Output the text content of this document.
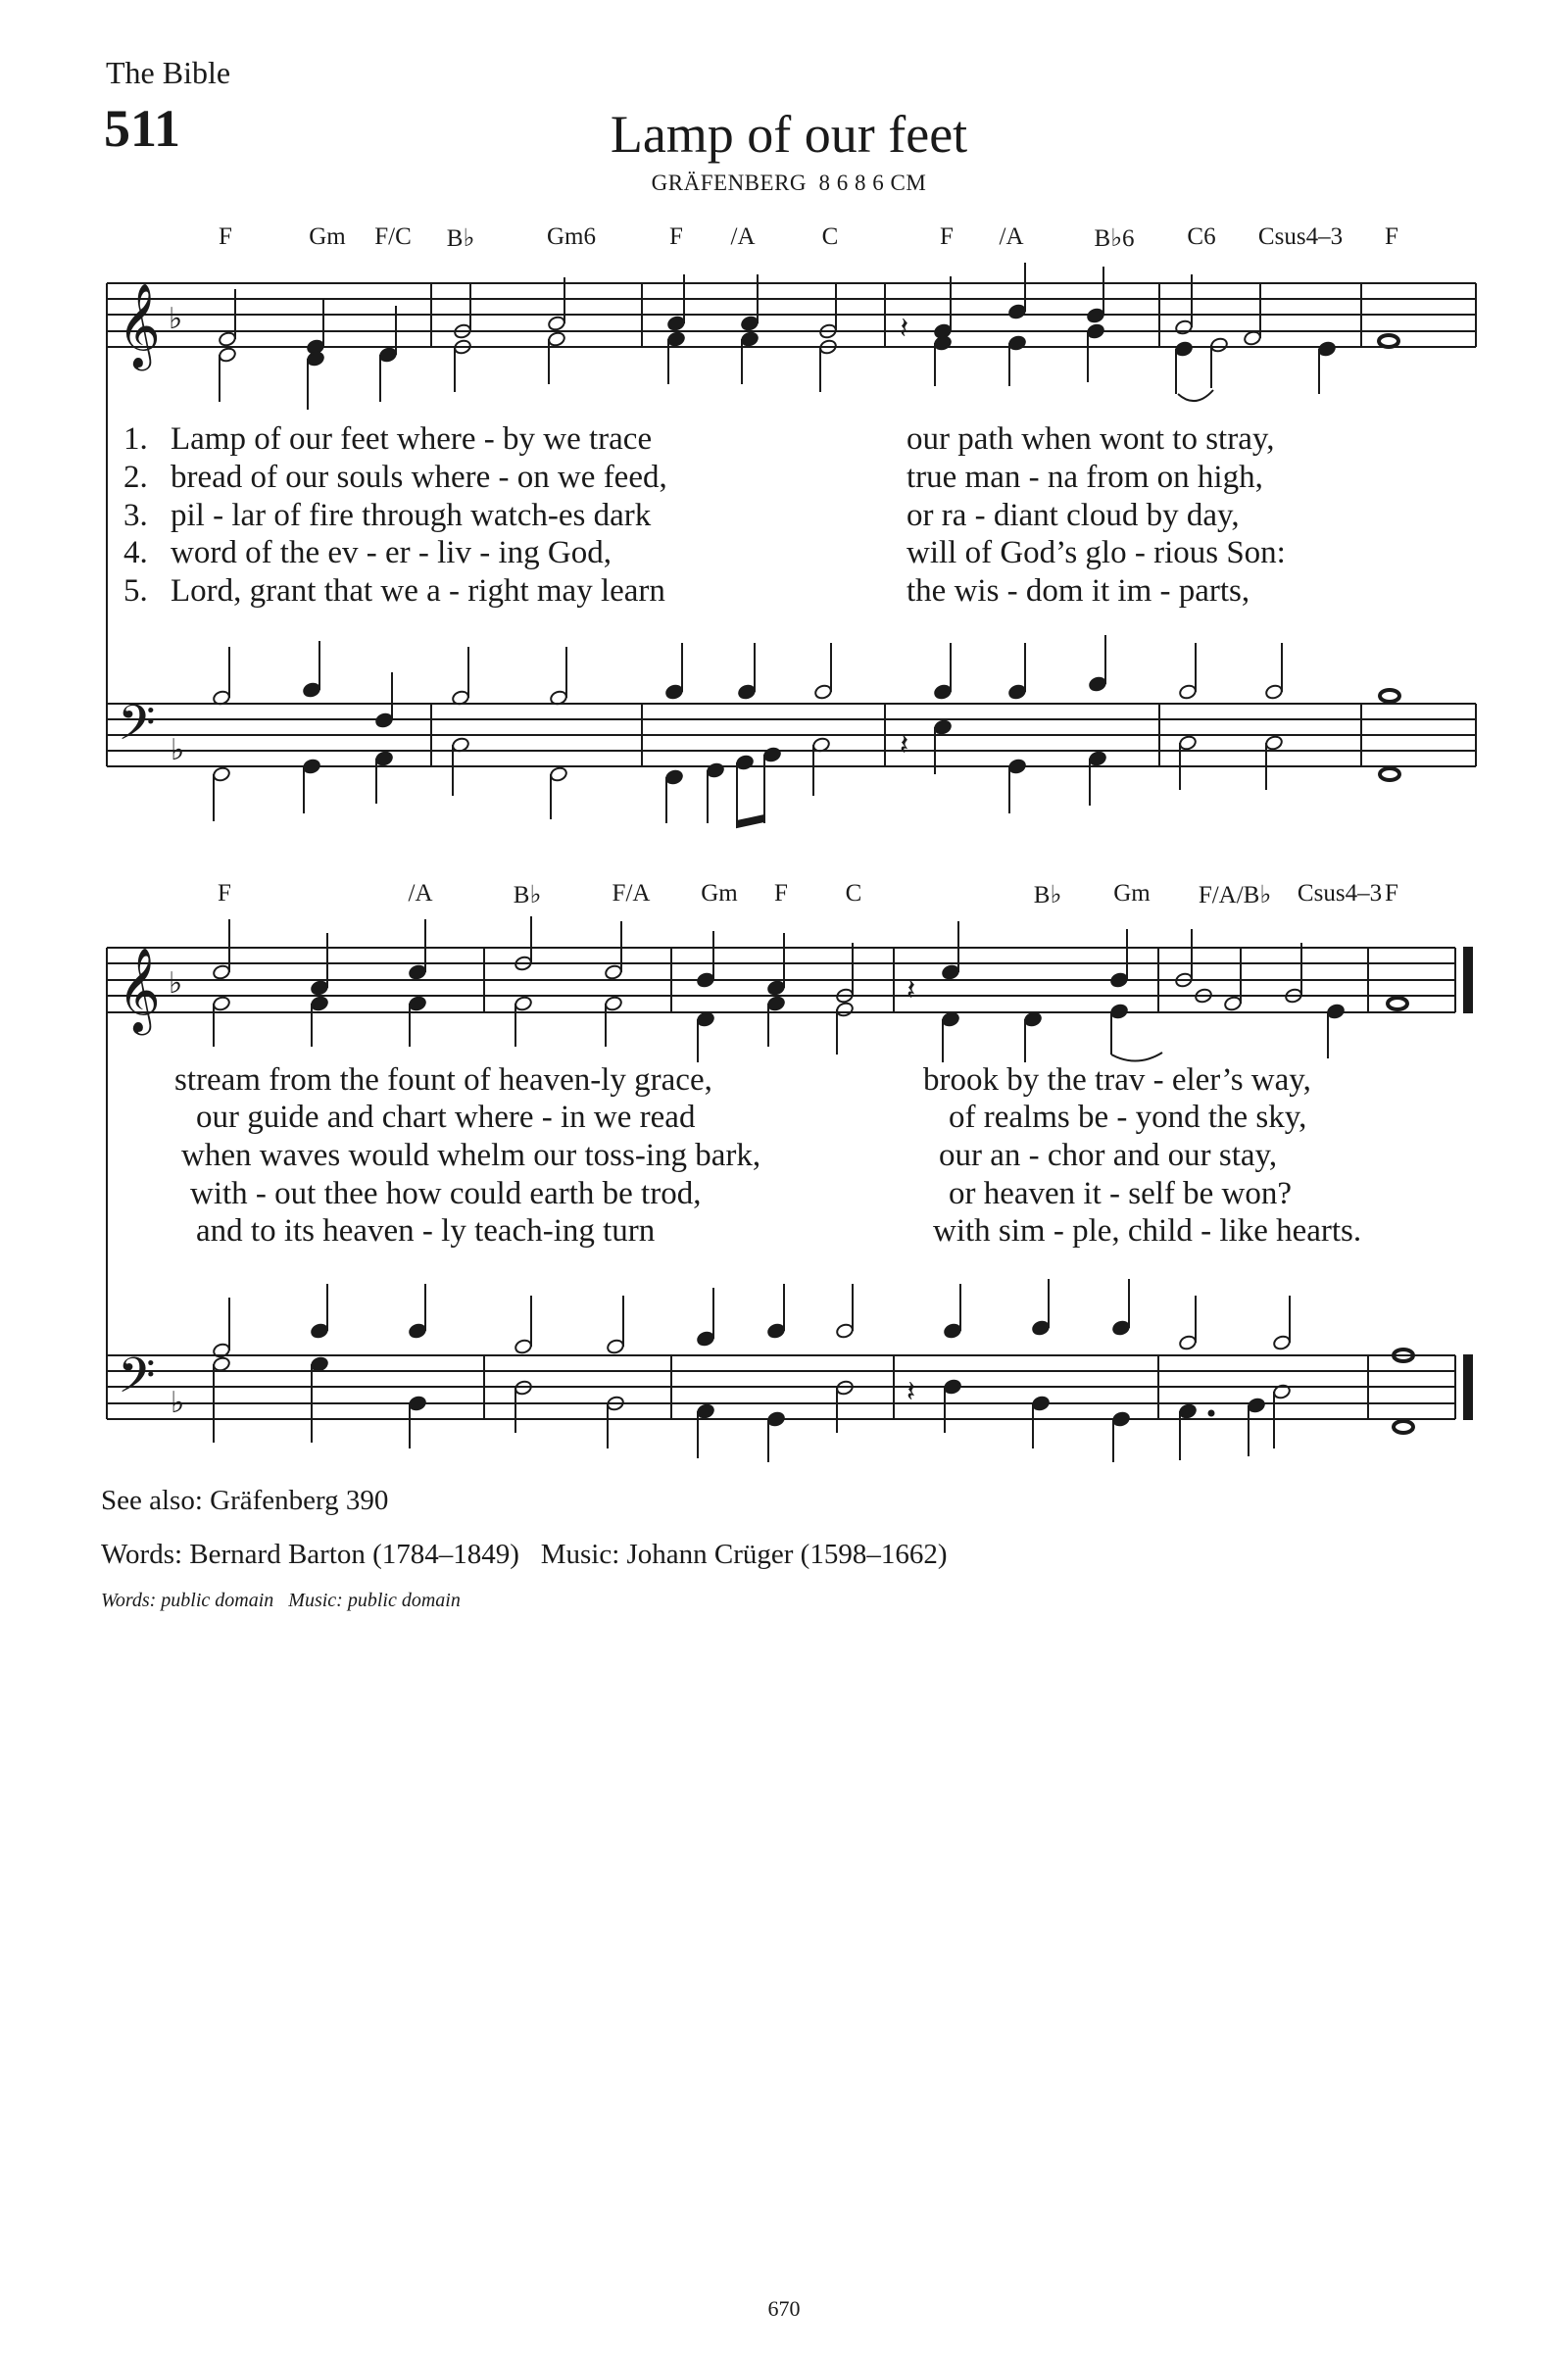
The Bible
511	Lamp of our feet
GRÄFENBERG 8 6 8 6 CM
𝄞 ♭
𝄢 ♭
𝄞 ♭
𝄢 ♭
𝄽
𝄽
𝄽
𝄽
F	Gm F/C B♭	Gm6	F /A	C	F /A	B♭6 C6 Csus4–3 F
F	/A	B♭	F/A Gm F C	B♭ Gm F/A/B♭ Csus4–3 F
1. Lamp of our feet where - by we trace	our path when wont to stray,
2. bread of our souls where - on we feed,	true man - na from on high,
3. pil - lar of fire through watch-es dark	or ra - diant cloud by day,
4. word of the ev - er - liv - ing God,	will of God’s glo - rious Son:
5. Lord, grant that we a - right may learn	the wis - dom it im - parts,
stream from the fount of heaven-ly grace,	brook by the trav - eler’s way,
our guide and chart where - in we read	of realms be - yond the sky,
when waves would whelm our toss-ing bark,	our an - chor and our stay,
with - out thee how could earth be trod,	or heaven it - self be won?
and to its heaven - ly teach-ing turn	with sim - ple, child - like hearts.
See also: Gräfenberg 390
Words: Bernard Barton (1784–1849)   Music: Johann Crüger (1598–1662)
Words: public domain   Music: public domain
670
